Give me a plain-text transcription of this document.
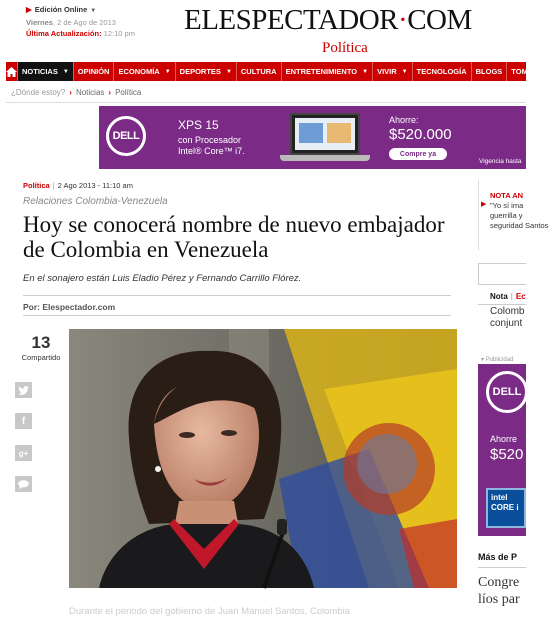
▶ Edición Online ▼
Viernes, 2 de Ago de 2013
Última Actualización: 12:10 pm ELESPECTADOR·COM
Política
NOTICIAS ▼ OPINIÓN ECONOMÍA ▼ DEPORTES ▼ CULTURA ENTRETENIMIENTO ▼ VIVIR ▼ TECNOLOGÍA BLOGS TOMA L
¿Dónde estoy? › Noticias › Política
DELL
XPS 15
con Procesador Intel® Core™ i7.
Ahorre:
$520.000
Compre ya
Vigencia hasta
Política | 2 Ago 2013 - 11:10 am
Relaciones Colombia-Venezuela
Hoy se conocerá nombre de nuevo embajador de Colombia en Venezuela
En el sonajero están Luis Eladio Pérez y Fernando Carrillo Flórez.
Por: Elespectador.com
13
Compartido
f
g+
Durante el periodo del gobierno de Juan Manuel Santos, Colombia
▶
NOTA AN
"Yo sí ima guerrilla y seguridad Santos
Nota | Ec
Colomb conjunt
▾ Publicidad
DELL
Ahorre
$520
intel CORE i
Más de P
Congre líos par
